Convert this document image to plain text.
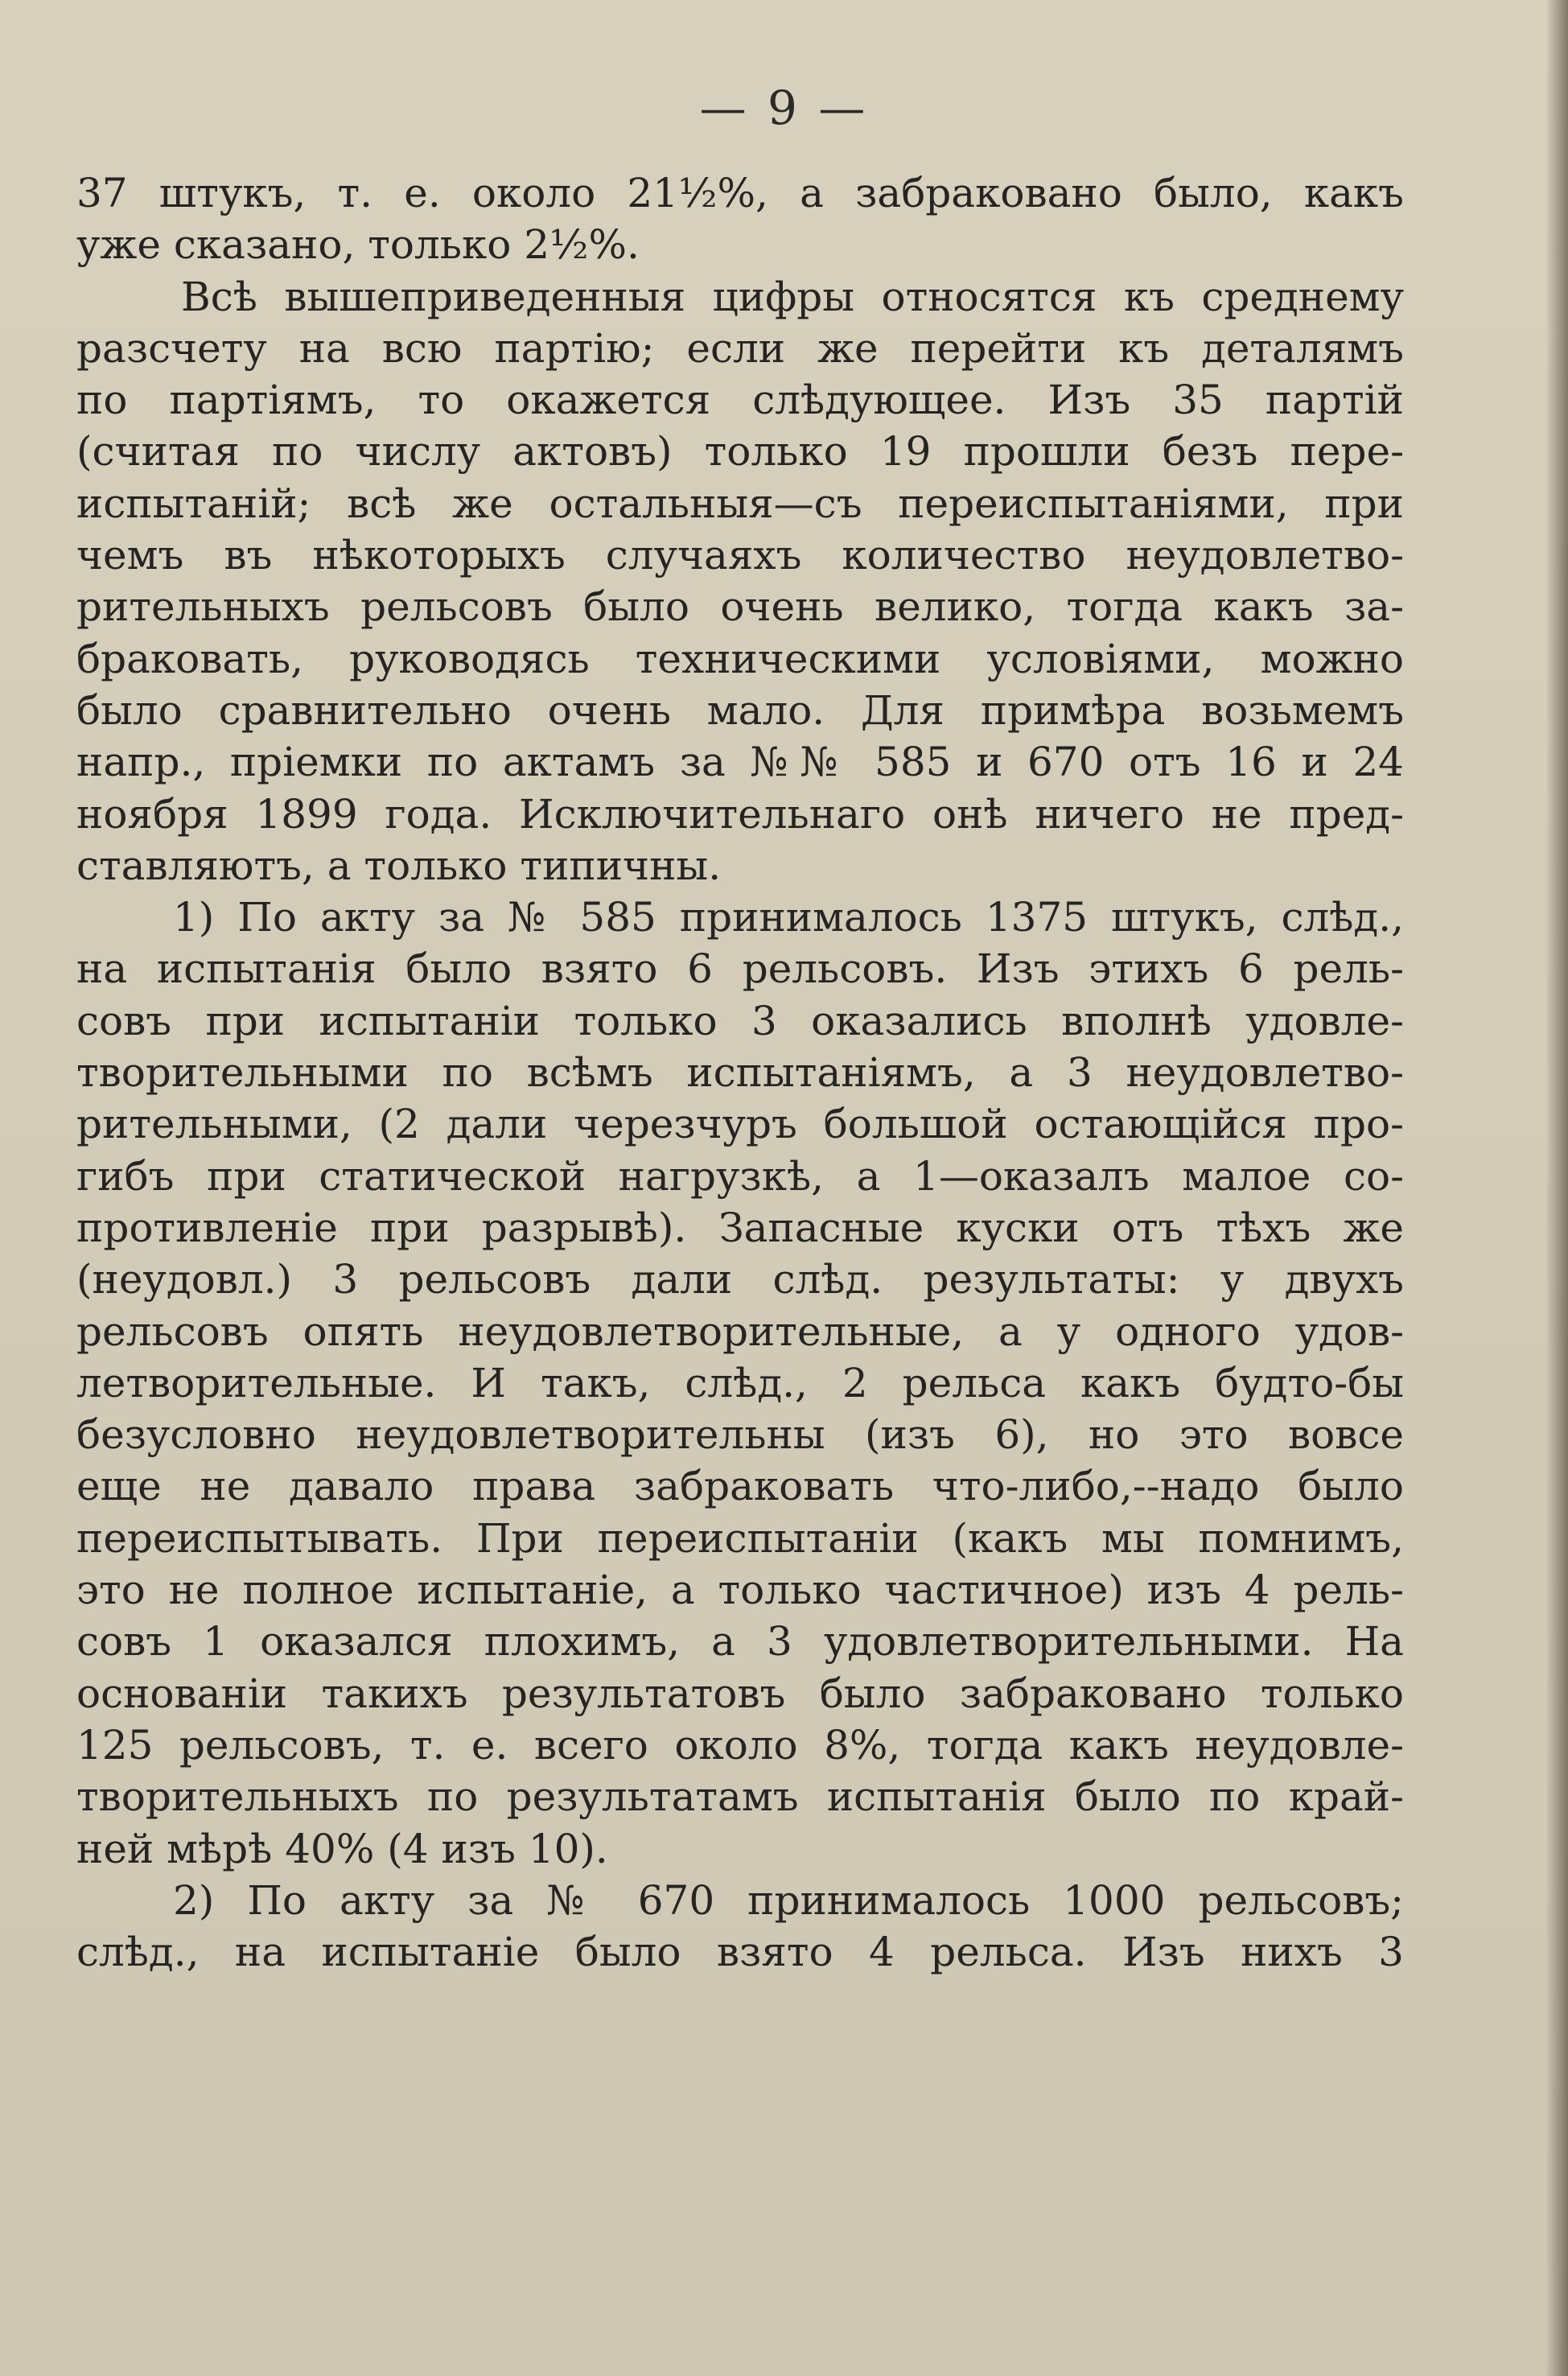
— 9 —
37 штукъ, т. е. около 21½%, а забраковано было, какъ
уже сказано, только 2½%.
Всѣ вышеприведенныя цифры относятся къ среднему
разсчету на всю партію; если же перейти къ деталямъ
по партіямъ, то окажется слѣдующее. Изъ 35 партій
(считая по числу актовъ) только 19 прошли безъ пере-
испытаній; всѣ же остальныя—съ переиспытаніями, при
чемъ въ нѣкоторыхъ случаяхъ количество неудовлетво-
рительныхъ рельсовъ было очень велико, тогда какъ за-
браковать, руководясь техническими условіями, можно
было сравнительно очень мало. Для примѣра возьмемъ
напр., пріемки по актамъ за №№ 585 и 670 отъ 16 и 24
ноября 1899 года. Исключительнаго онѣ ничего не пред-
ставляютъ, а только типичны.
1) По акту за № 585 принималось 1375 штукъ, слѣд.,
на испытанія было взято 6 рельсовъ. Изъ этихъ 6 рель-
совъ при испытаніи только 3 оказались вполнѣ удовле-
творительными по всѣмъ испытаніямъ, а 3 неудовлетво-
рительными, (2 дали черезчуръ большой остающійся про-
гибъ при статической нагрузкѣ, а 1—оказалъ малое со-
противленіе при разрывѣ). Запасные куски отъ тѣхъ же
(неудовл.) 3 рельсовъ дали слѣд. результаты: у двухъ
рельсовъ опять неудовлетворительные, а у одного удов-
летворительные. И такъ, слѣд., 2 рельса какъ будто-бы
безусловно неудовлетворительны (изъ 6), но это вовсе
еще не давало права забраковать что-либо,--надо было
переиспытывать. При переиспытаніи (какъ мы помнимъ,
это не полное испытаніе, а только частичное) изъ 4 рель-
совъ 1 оказался плохимъ, а 3 удовлетворительными. На
основаніи такихъ результатовъ было забраковано только
125 рельсовъ, т. е. всего около 8%, тогда какъ неудовле-
творительныхъ по результатамъ испытанія было по край-
ней мѣрѣ 40% (4 изъ 10).
2) По акту за № 670 принималось 1000 рельсовъ;
слѣд., на испытаніе было взято 4 рельса. Изъ нихъ 3
